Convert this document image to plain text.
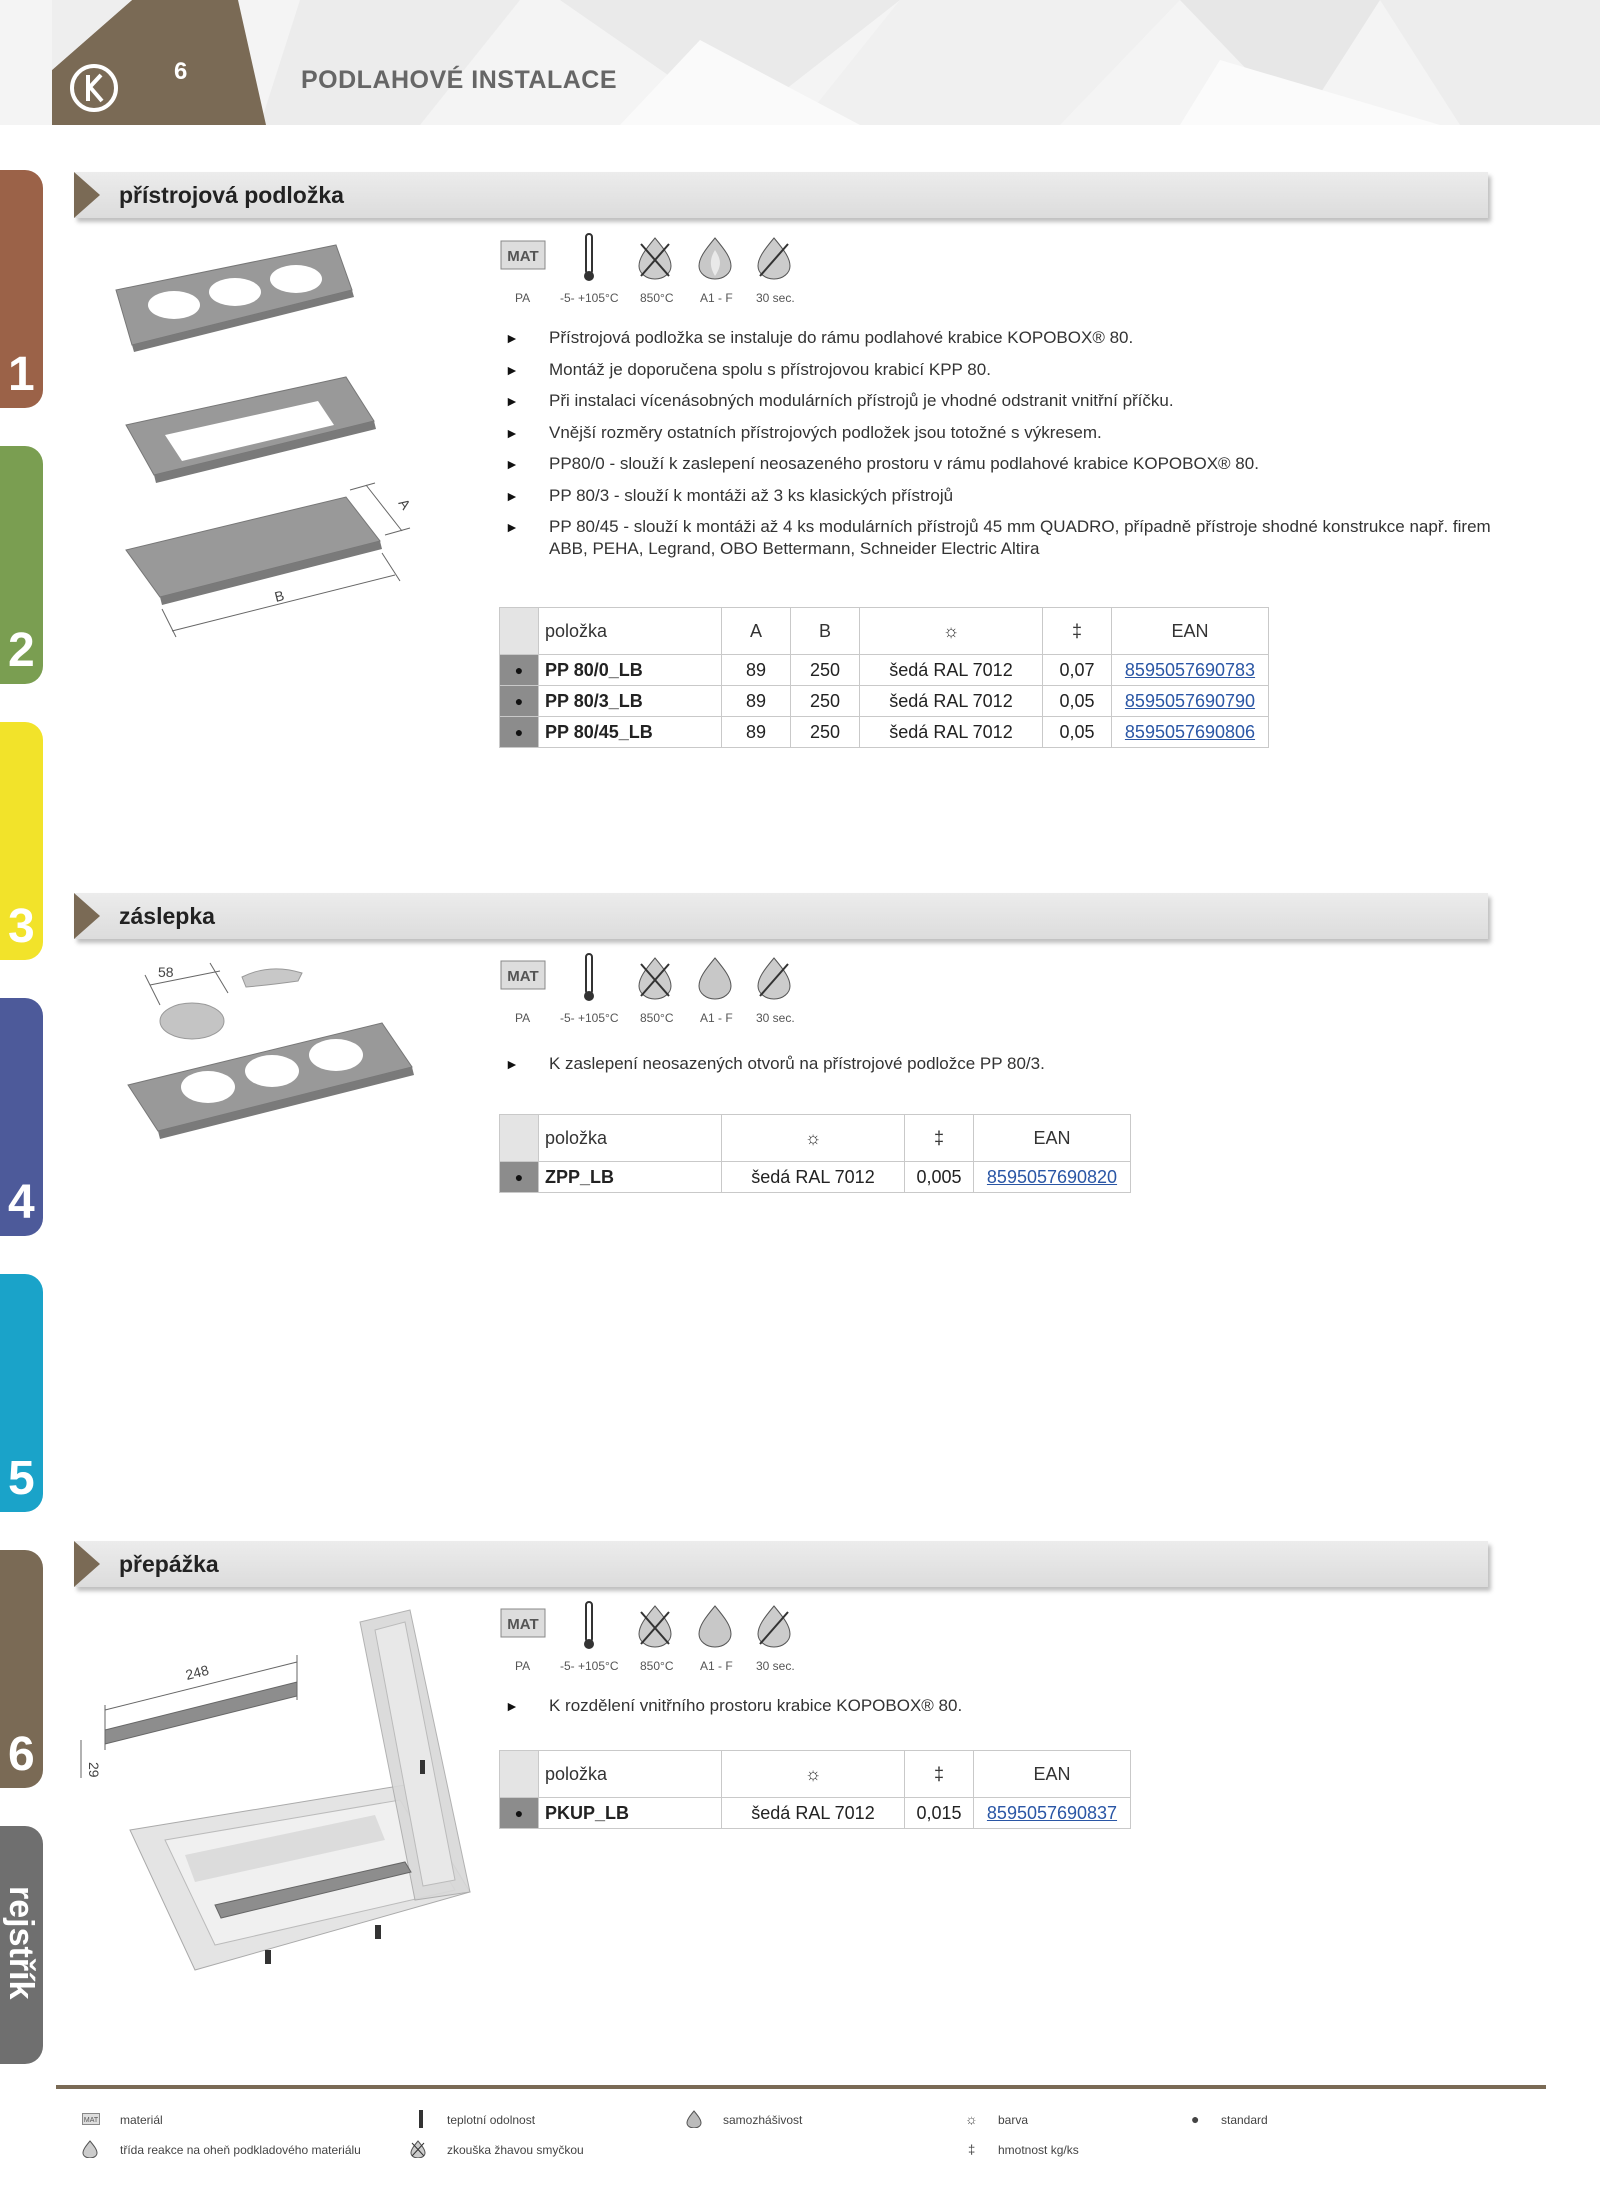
6	PODLAHOVÉ INSTALACE
1
2
3
4
5
6
rejstřík
přístrojová podložka
A
B
MAT
PA -5- +105°C 850°C A1 - F 30 sec.
► Přístrojová podložka se instaluje do rámu podlahové krabice KOPOBOX® 80.
► Montáž je doporučena spolu s přístrojovou krabicí KPP 80.
► Při instalaci vícenásobných modulárních přístrojů je vhodné odstranit vnitřní příčku.
► Vnější rozměry ostatních přístrojových podložek jsou totožné s výkresem.
► PP80/0 - slouží k zaslepení neosazeného prostoru v rámu podlahové krabice KOPOBOX® 80.
► PP 80/3 - slouží k montáži až 3 ks klasických přístrojů
► PP 80/45 - slouží k montáži až 4 ks modulárních přístrojů 45 mm QUADRO, případně přístroje shodné konstrukce např. firem ABB, PEHA, Legrand, OBO Bettermann, Schneider Electric Altira
	položka	A	B	☼	‡	EAN
●	PP 80/0_LB	89	250	šedá RAL 7012	0,07	8595057690783
●	PP 80/3_LB	89	250	šedá RAL 7012	0,05	8595057690790
●	PP 80/45_LB	89	250	šedá RAL 7012	0,05	8595057690806
záslepka
58	MAT
PA -5- +105°C 850°C A1 - F 30 sec.
► K zaslepení neosazených otvorů na přístrojové podložce PP 80/3.
	položka	☼	‡	EAN
●	ZPP_LB	šedá RAL 7012	0,005	8595057690820
přepážka
248
29
MAT
PA -5- +105°C 850°C A1 - F 30 sec.
► K rozdělení vnitřního prostoru krabice KOPOBOX® 80.
	položka	☼	‡	EAN
●	PKUP_LB	šedá RAL 7012	0,015	8595057690837
MAT materiál	teplotní odolnost	samozhášivost	☼ barva	● standard
třída reakce na oheň podkladového materiálu	zkouška žhavou smyčkou	‡ hmotnost kg/ks
